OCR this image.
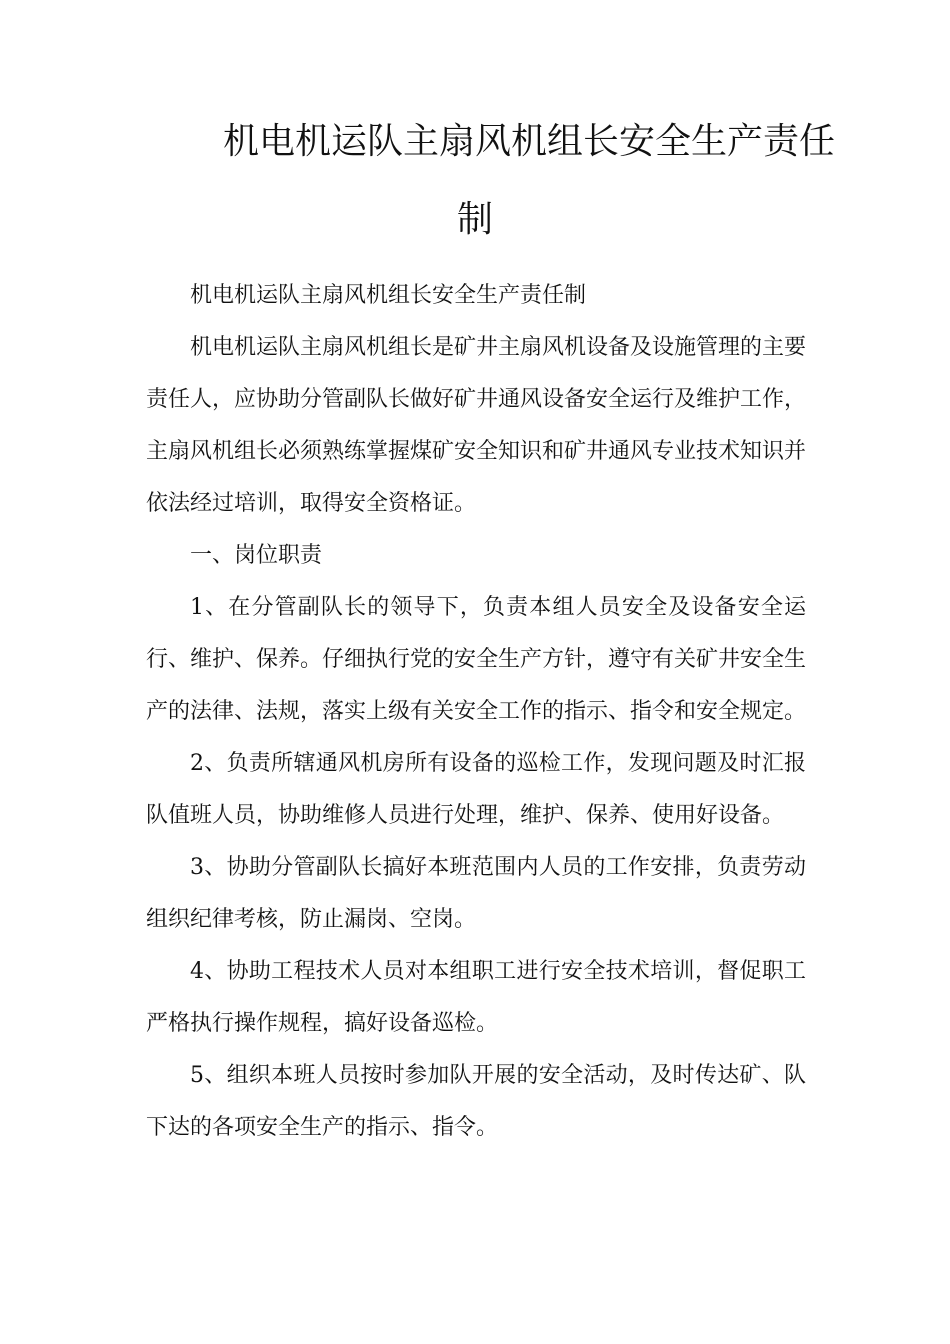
机电机运队主扇风机组长安全生产责任
制

机电机运队主扇风机组长安全生产责任制

机电机运队主扇风机组长是矿井主扇风机设备及设施管理的主要责任人，应协助分管副队长做好矿井通风设备安全运行及维护工作，主扇风机组长必须熟练掌握煤矿安全知识和矿井通风专业技术知识并依法经过培训，取得安全资格证。

一、岗位职责

1、在分管副队长的领导下，负责本组人员安全及设备安全运行、维护、保养。仔细执行党的安全生产方针，遵守有关矿井安全生产的法律、法规，落实上级有关安全工作的指示、指令和安全规定。

2、负责所辖通风机房所有设备的巡检工作，发现问题及时汇报队值班人员，协助维修人员进行处理，维护、保养、使用好设备。

3、协助分管副队长搞好本班范围内人员的工作安排，负责劳动组织纪律考核，防止漏岗、空岗。

4、协助工程技术人员对本组职工进行安全技术培训，督促职工严格执行操作规程，搞好设备巡检。

5、组织本班人员按时参加队开展的安全活动，及时传达矿、队下达的各项安全生产的指示、指令。
